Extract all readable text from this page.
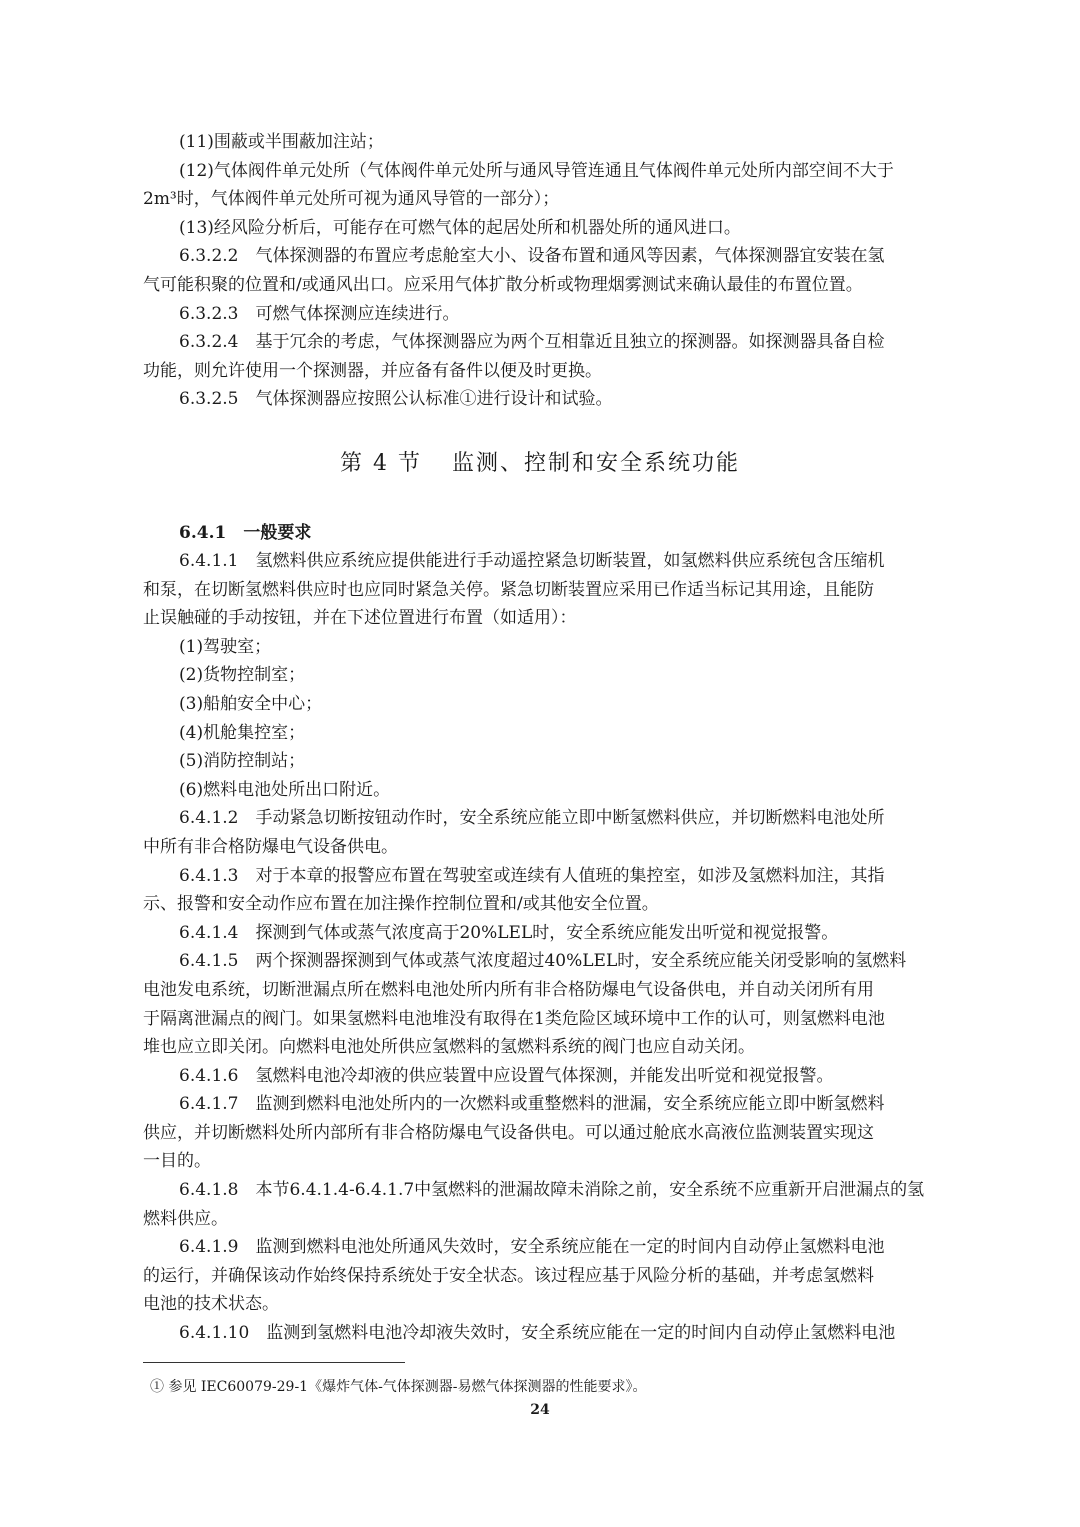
(11)围蔽或半围蔽加注站；
(12)气体阀件单元处所（气体阀件单元处所与通风导管连通且气体阀件单元处所内部空间不大于
2m³时，气体阀件单元处所可视为通风导管的一部分）；
(13)经风险分析后，可能存在可燃气体的起居处所和机器处所的通风进口。
6.3.2.2　气体探测器的布置应考虑舱室大小、设备布置和通风等因素，气体探测器宜安装在氢
气可能积聚的位置和/或通风出口。应采用气体扩散分析或物理烟雾测试来确认最佳的布置位置。
6.3.2.3　可燃气体探测应连续进行。
6.3.2.4　基于冗余的考虑，气体探测器应为两个互相靠近且独立的探测器。如探测器具备自检
功能，则允许使用一个探测器，并应备有备件以便及时更换。
6.3.2.5　气体探测器应按照公认标准①进行设计和试验。
第 4 节 监测、控制和安全系统功能
6.4.1　一般要求
6.4.1.1　氢燃料供应系统应提供能进行手动遥控紧急切断装置，如氢燃料供应系统包含压缩机
和泵，在切断氢燃料供应时也应同时紧急关停。紧急切断装置应采用已作适当标记其用途，且能防
止误触碰的手动按钮，并在下述位置进行布置（如适用）：
(1)驾驶室；
(2)货物控制室；
(3)船舶安全中心；
(4)机舱集控室；
(5)消防控制站；
(6)燃料电池处所出口附近。
6.4.1.2　手动紧急切断按钮动作时，安全系统应能立即中断氢燃料供应，并切断燃料电池处所
中所有非合格防爆电气设备供电。
6.4.1.3　对于本章的报警应布置在驾驶室或连续有人值班的集控室，如涉及氢燃料加注，其指
示、报警和安全动作应布置在加注操作控制位置和/或其他安全位置。
6.4.1.4　探测到气体或蒸气浓度高于20%LEL时，安全系统应能发出听觉和视觉报警。
6.4.1.5　两个探测器探测到气体或蒸气浓度超过40%LEL时，安全系统应能关闭受影响的氢燃料
电池发电系统，切断泄漏点所在燃料电池处所内所有非合格防爆电气设备供电，并自动关闭所有用
于隔离泄漏点的阀门。如果氢燃料电池堆没有取得在1类危险区域环境中工作的认可，则氢燃料电池
堆也应立即关闭。向燃料电池处所供应氢燃料的氢燃料系统的阀门也应自动关闭。
6.4.1.6　氢燃料电池冷却液的供应装置中应设置气体探测，并能发出听觉和视觉报警。
6.4.1.7　监测到燃料电池处所内的一次燃料或重整燃料的泄漏，安全系统应能立即中断氢燃料
供应，并切断燃料处所内部所有非合格防爆电气设备供电。可以通过舱底水高液位监测装置实现这
一目的。
6.4.1.8　本节6.4.1.4-6.4.1.7中氢燃料的泄漏故障未消除之前，安全系统不应重新开启泄漏点的氢
燃料供应。
6.4.1.9　监测到燃料电池处所通风失效时，安全系统应能在一定的时间内自动停止氢燃料电池
的运行，并确保该动作始终保持系统处于安全状态。该过程应基于风险分析的基础，并考虑氢燃料
电池的技术状态。
6.4.1.10　监测到氢燃料电池冷却液失效时，安全系统应能在一定的时间内自动停止氢燃料电池
① 参见 IEC60079-29-1《爆炸气体-气体探测器-易燃气体探测器的性能要求》。
24
